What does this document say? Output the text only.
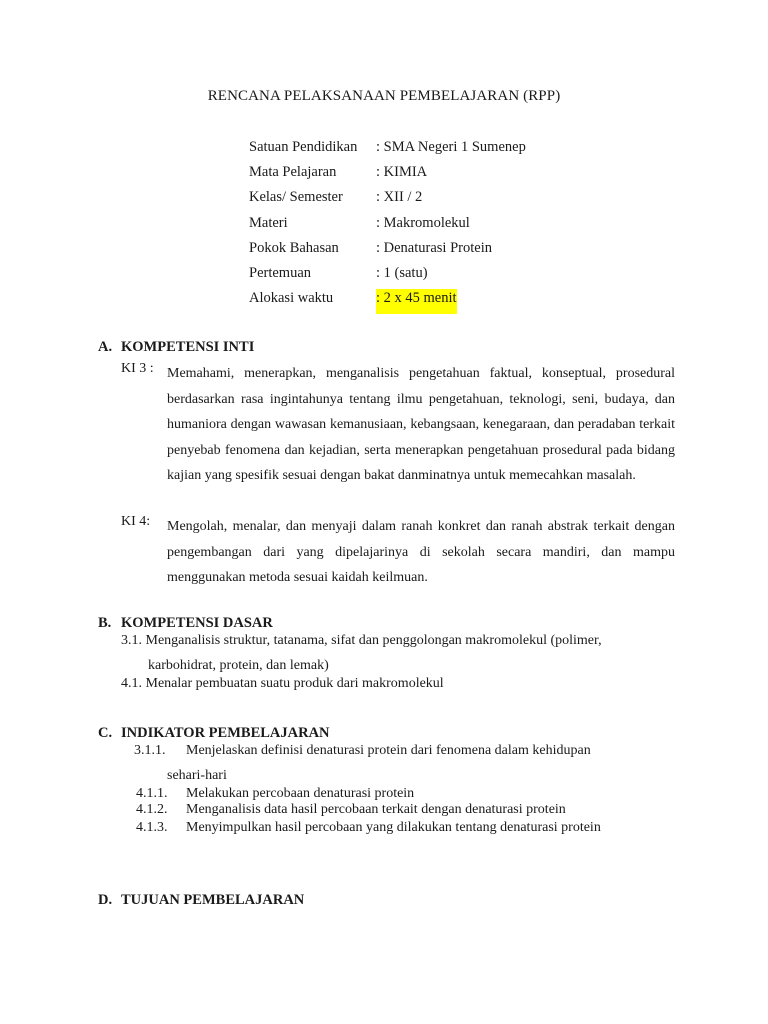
RENCANA PELAKSANAAN PEMBELAJARAN (RPP)
Satuan Pendidikan	: SMA Negeri 1 Sumenep
Mata Pelajaran	: KIMIA
Kelas/ Semester	: XII / 2
Materi	: Makromolekul
Pokok Bahasan	: Denaturasi Protein
Pertemuan	: 1 (satu)
Alokasi waktu	: 2 x 45 menit
A. KOMPETENSI INTI
KI 3 : Memahami, menerapkan, menganalisis pengetahuan faktual, konseptual, prosedural berdasarkan rasa ingintahunya tentang ilmu pengetahuan, teknologi, seni, budaya, dan humaniora dengan wawasan kemanusiaan, kebangsaan, kenegaraan, dan peradaban terkait penyebab fenomena dan kejadian, serta menerapkan pengetahuan prosedural pada bidang kajian yang spesifik sesuai dengan bakat danminatnya untuk memecahkan masalah.
KI 4: Mengolah, menalar, dan menyaji dalam ranah konkret dan ranah abstrak terkait dengan pengembangan dari yang dipelajarinya di sekolah secara mandiri, dan mampu menggunakan metoda sesuai kaidah keilmuan.
B. KOMPETENSI DASAR
3.1. Menganalisis struktur, tatanama, sifat dan penggolongan makromolekul (polimer,
karbohidrat, protein, dan lemak)
4.1. Menalar pembuatan suatu produk dari makromolekul
C. INDIKATOR PEMBELAJARAN
3.1.1. Menjelaskan definisi denaturasi protein dari fenomena dalam kehidupan
sehari-hari
4.1.1. Melakukan percobaan denaturasi protein
4.1.2. Menganalisis data hasil percobaan terkait dengan denaturasi protein
4.1.3. Menyimpulkan hasil percobaan yang dilakukan tentang denaturasi protein
D. TUJUAN PEMBELAJARAN
